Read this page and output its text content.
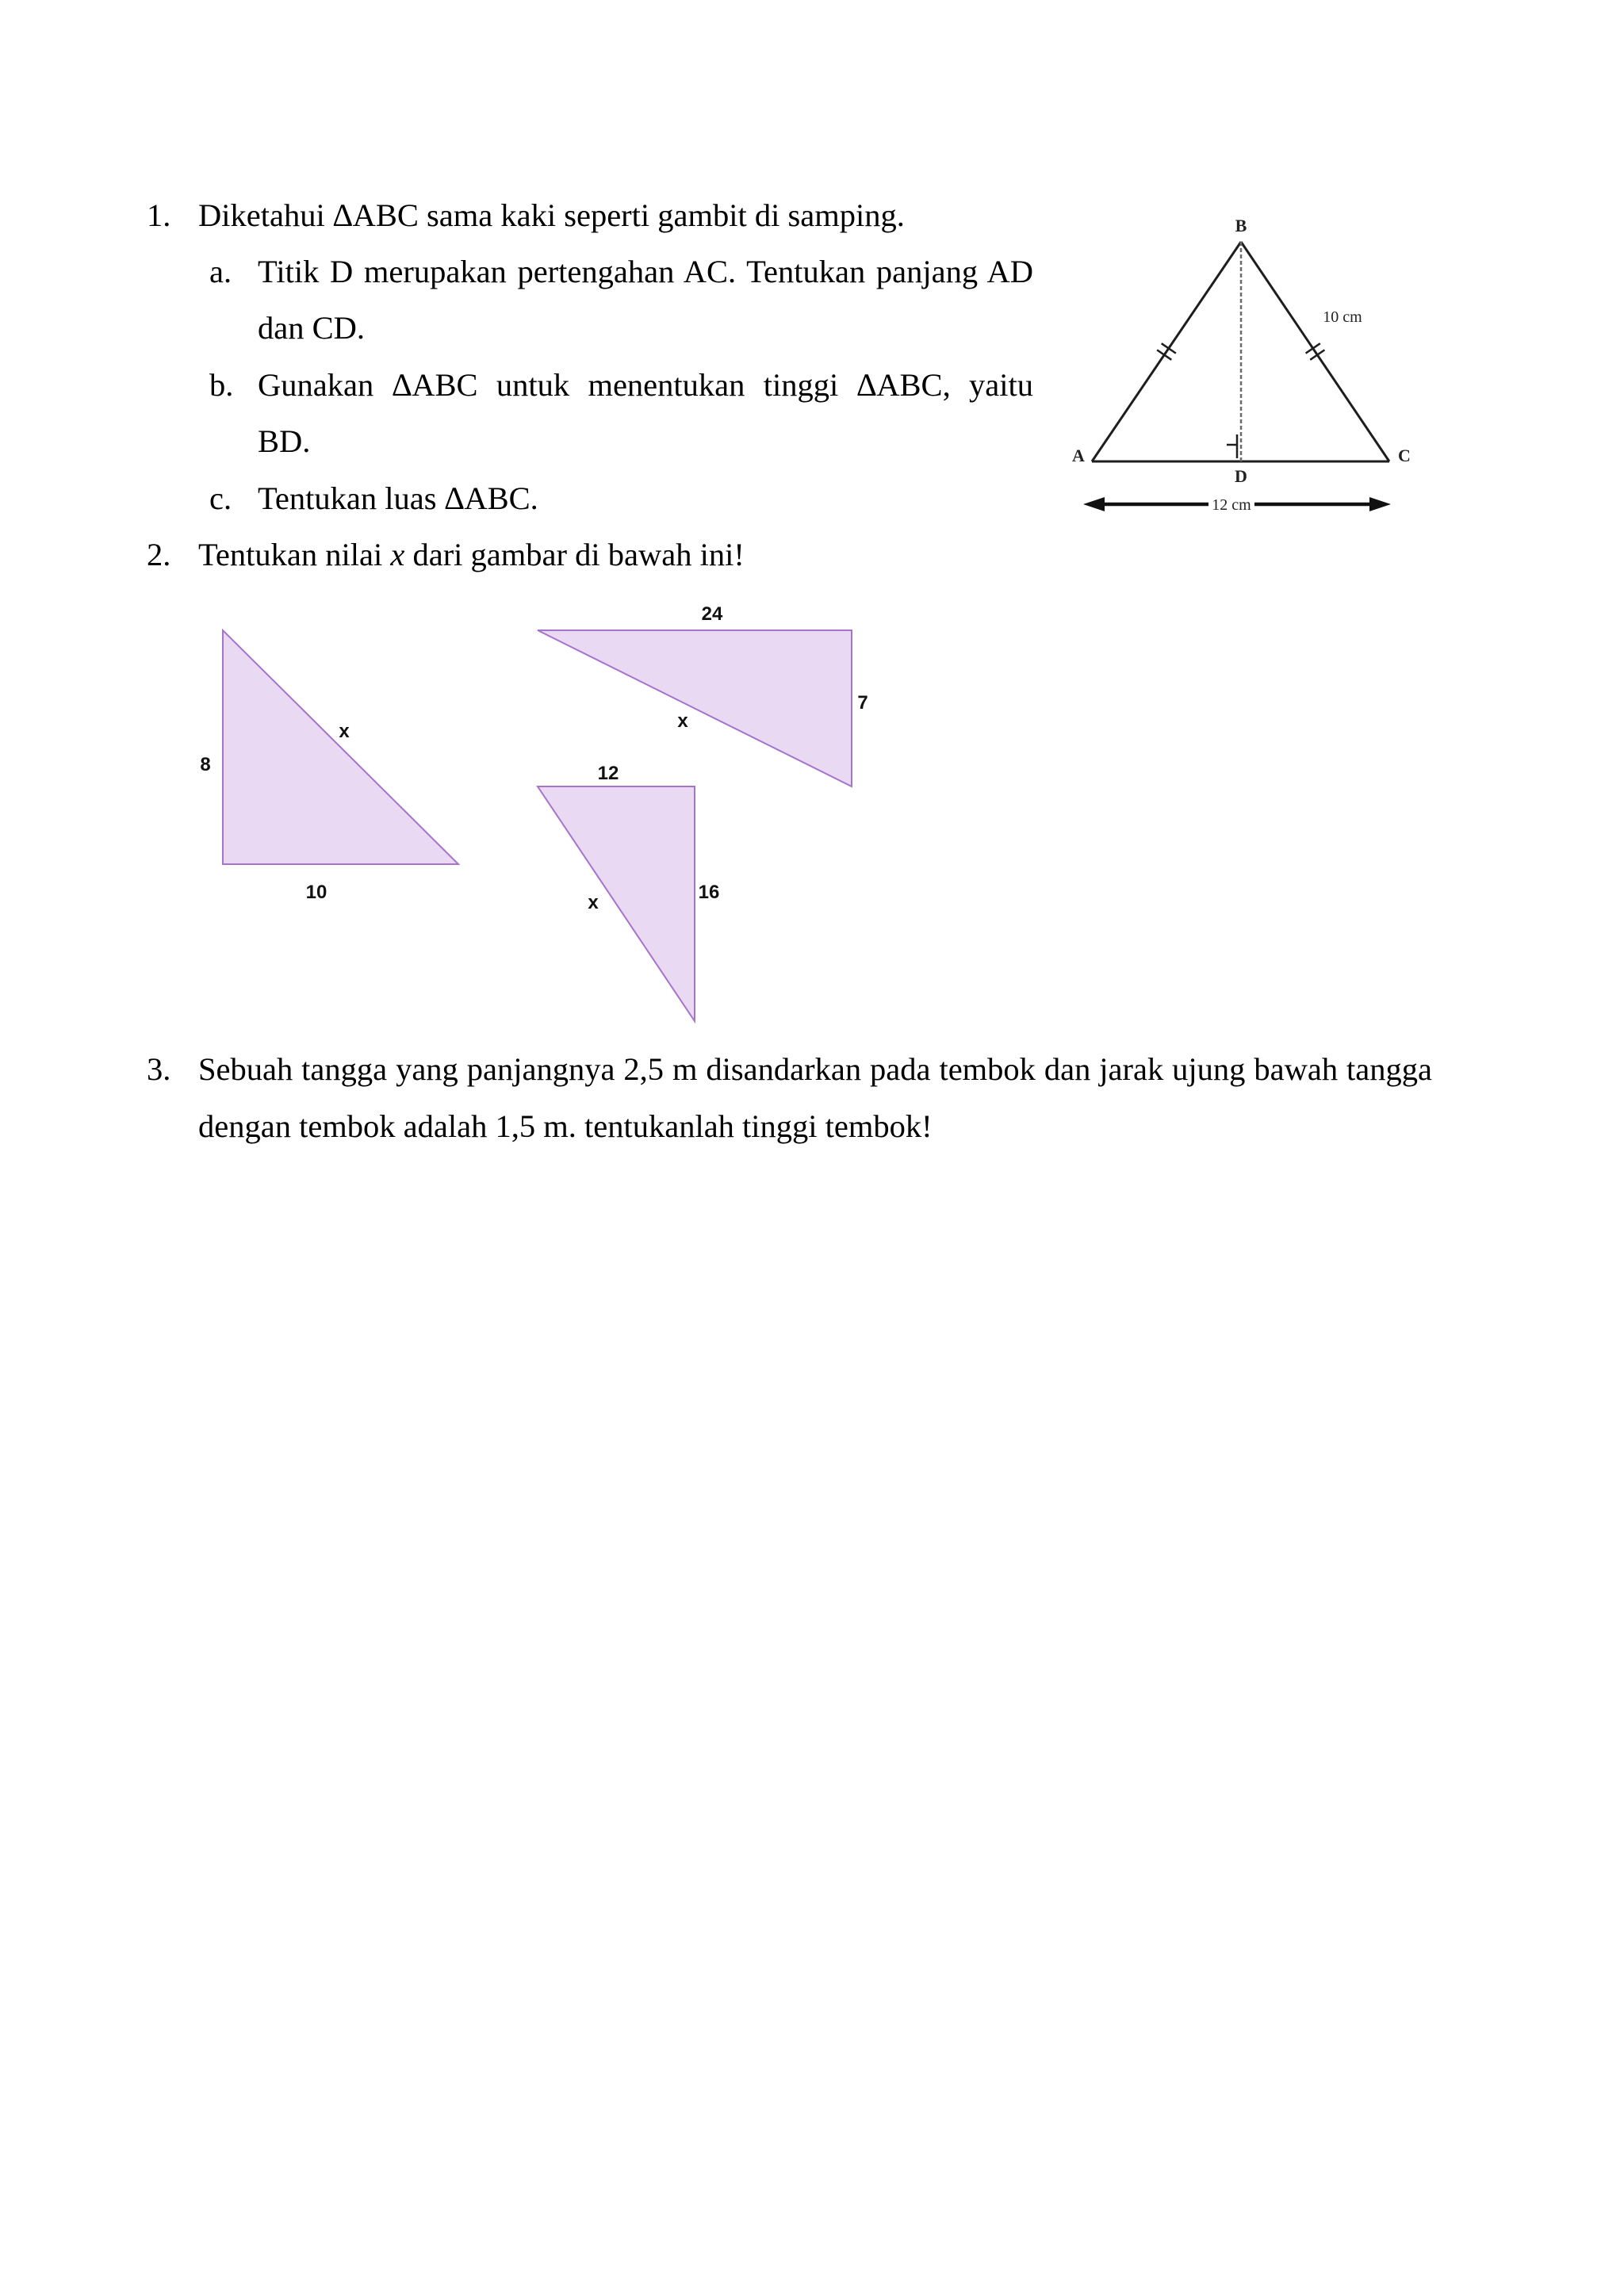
B
A	C
D
10 cm
12 cm
8
x
10
24
7
x
12
16
x
1. Diketahui ∆ABC sama kaki seperti gambit di samping.
a. Titik D merupakan pertengahan AC. Tentukan panjang AD
dan CD.
b. Gunakan ∆ABC untuk menentukan tinggi ∆ABC, yaitu
BD.
c. Tentukan luas ∆ABC.
2. Tentukan nilai x dari gambar di bawah ini!
3. Sebuah tangga yang panjangnya 2,5 m disandarkan pada tembok dan jarak ujung bawah tangga
dengan tembok adalah 1,5 m. tentukanlah tinggi tembok!
